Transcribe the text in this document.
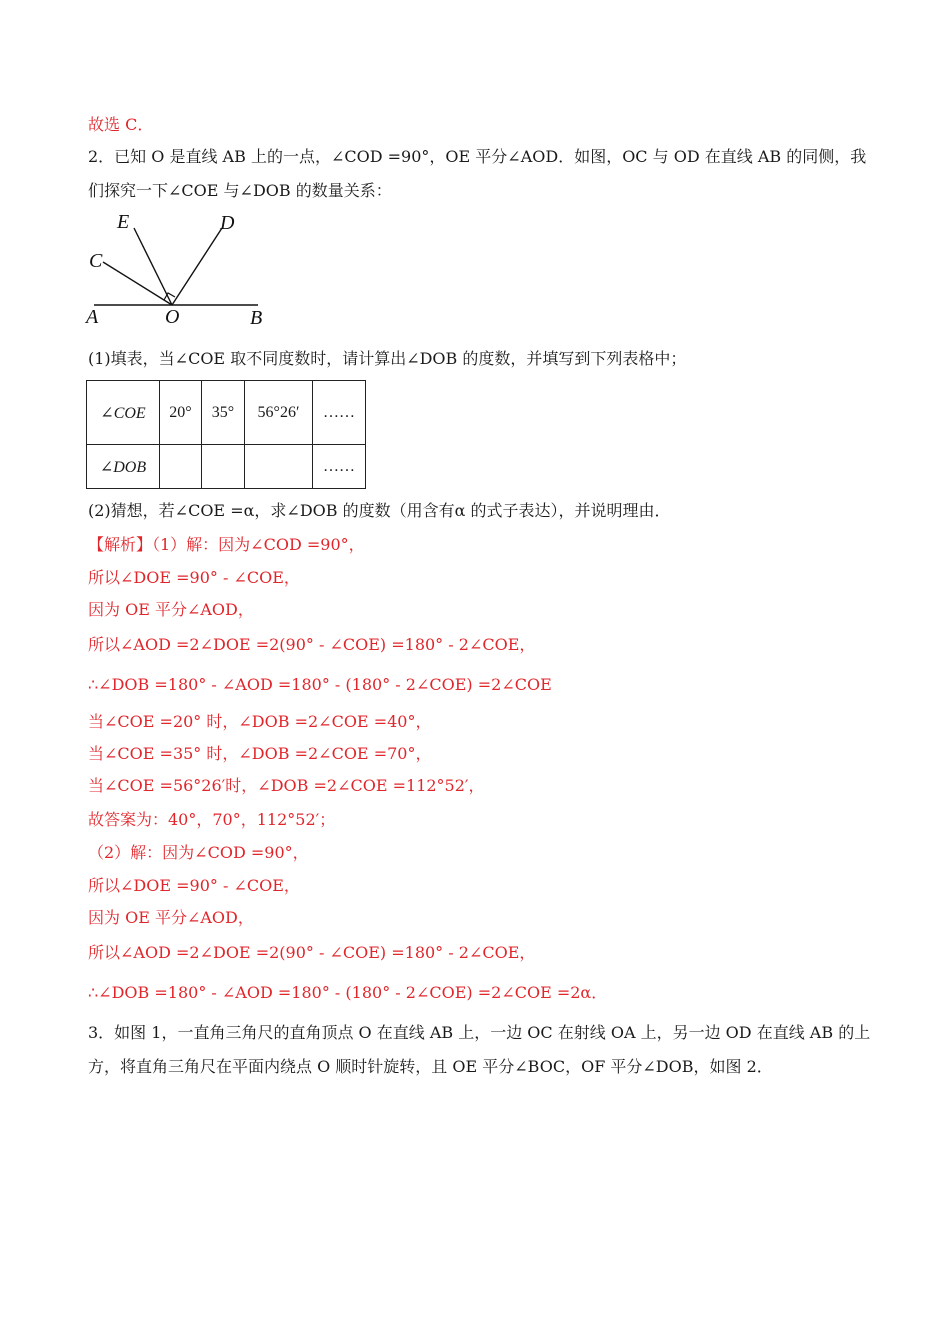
故选 C．
2．已知 O 是直线 AB 上的一点，∠COD =90°，OE 平分∠AOD．如图，OC 与 OD 在直线 AB 的同侧，我
们探究一下∠COE 与∠DOB 的数量关系：
E	D
C
A	O	B
(1)填表，当∠COE 取不同度数时，请计算出∠DOB 的度数，并填写到下列表格中；
∠COE	20°	35°	56°26′	……
∠DOB				……
(2)猜想，若∠COE =α，求∠DOB 的度数（用含有α 的式子表达），并说明理由．
【解析】（1）解：因为∠COD =90°，
所以∠DOE =90° - ∠COE，
因为 OE 平分∠AOD，
所以∠AOD =2∠DOE =2(90° - ∠COE) =180° - 2∠COE，
∴∠DOB =180° - ∠AOD =180° - (180° - 2∠COE) =2∠COE
当∠COE =20° 时，∠DOB =2∠COE =40°，
当∠COE =35° 时，∠DOB =2∠COE =70°，
当∠COE =56°26′时，∠DOB =2∠COE =112°52′，
故答案为：40°，70°，112°52′；
（2）解：因为∠COD =90°，
所以∠DOE =90° - ∠COE，
因为 OE 平分∠AOD，
所以∠AOD =2∠DOE =2(90° - ∠COE) =180° - 2∠COE，
∴∠DOB =180° - ∠AOD =180° - (180° - 2∠COE) =2∠COE =2α．
3．如图 1，一直角三角尺的直角顶点 O 在直线 AB 上，一边 OC 在射线 OA 上，另一边 OD 在直线 AB 的上
方，将直角三角尺在平面内绕点 O 顺时针旋转，且 OE 平分∠BOC，OF 平分∠DOB，如图 2．
